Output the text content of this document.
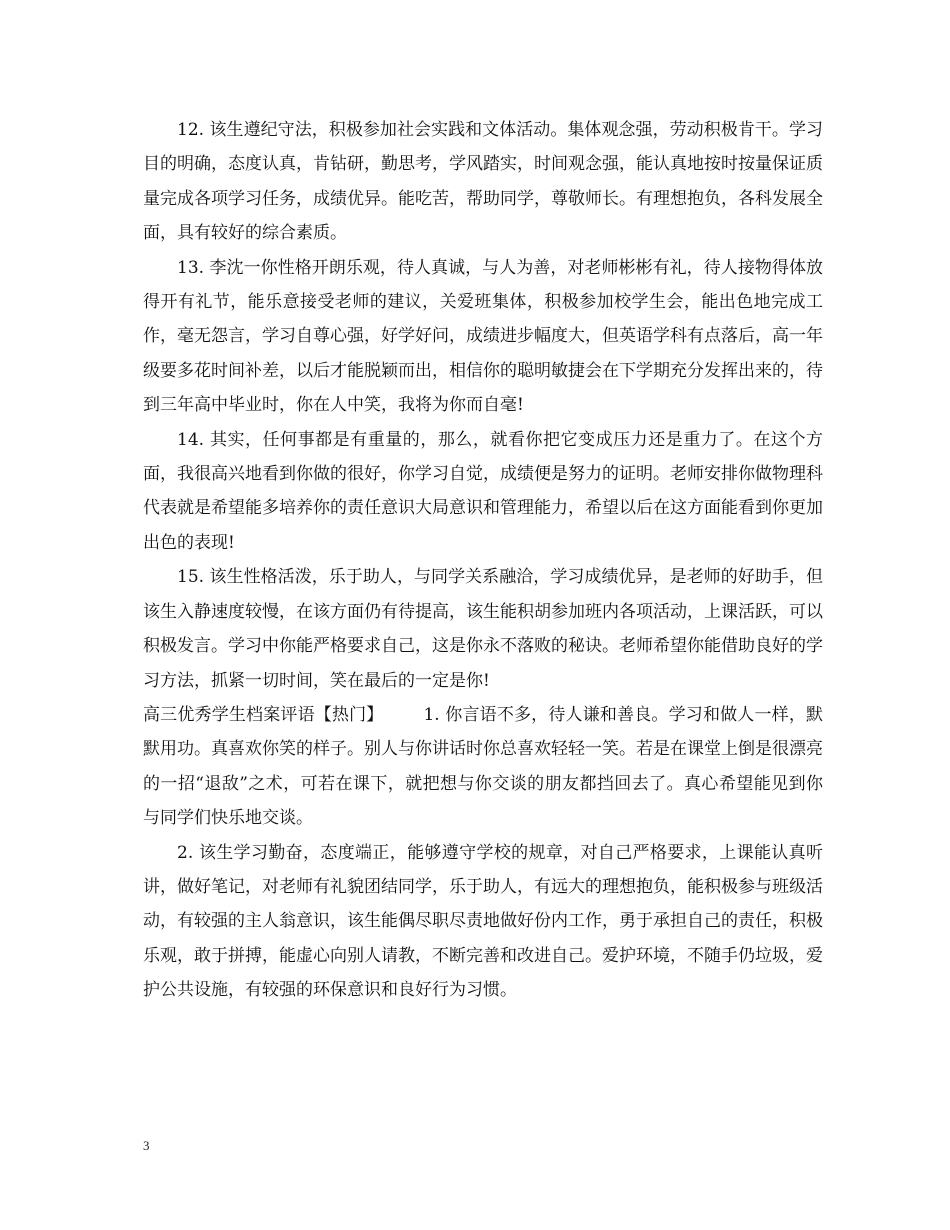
12. 该生遵纪守法，积极参加社会实践和文体活动。集体观念强，劳动积极肯干。学习目的明确，态度认真，肯钻研，勤思考，学风踏实，时间观念强，能认真地按时按量保证质量完成各项学习任务，成绩优异。能吃苦，帮助同学，尊敬师长。有理想抱负，各科发展全面，具有较好的综合素质。

13. 李沈一你性格开朗乐观，待人真诚，与人为善，对老师彬彬有礼，待人接物得体放得开有礼节，能乐意接受老师的建议，关爱班集体，积极参加校学生会，能出色地完成工作，毫无怨言，学习自尊心强，好学好问，成绩进步幅度大，但英语学科有点落后，高一年级要多花时间补差，以后才能脱颖而出，相信你的聪明敏捷会在下学期充分发挥出来的，待到三年高中毕业时，你在人中笑，我将为你而自毫!

14. 其实，任何事都是有重量的，那么，就看你把它变成压力还是重力了。在这个方面，我很高兴地看到你做的很好，你学习自觉，成绩便是努力的证明。老师安排你做物理科代表就是希望能多培养你的责任意识大局意识和管理能力，希望以后在这方面能看到你更加出色的表现!

15. 该生性格活泼，乐于助人，与同学关系融洽，学习成绩优异，是老师的好助手，但该生入静速度较慢，在该方面仍有待提高，该生能积胡参加班内各项活动，上课活跃，可以积极发言。学习中你能严格要求自己，这是你永不落败的秘诀。老师希望你能借助良好的学习方法，抓紧一切时间，笑在最后的一定是你!

高三优秀学生档案评语【热门】 1. 你言语不多，待人谦和善良。学习和做人一样，默默用功。真喜欢你笑的样子。别人与你讲话时你总喜欢轻轻一笑。若是在课堂上倒是很漂亮的一招“退敌”之术，可若在课下，就把想与你交谈的朋友都挡回去了。真心希望能见到你与同学们快乐地交谈。

2. 该生学习勤奋，态度端正，能够遵守学校的规章，对自己严格要求，上课能认真听讲，做好笔记，对老师有礼貌团结同学，乐于助人，有远大的理想抱负，能积极参与班级活动，有较强的主人翁意识，该生能偶尽职尽责地做好份内工作，勇于承担自己的责任，积极乐观，敢于拼搏，能虚心向别人请教，不断完善和改进自己。爱护环境，不随手仍垃圾，爱护公共设施，有较强的环保意识和良好行为习惯。

3
